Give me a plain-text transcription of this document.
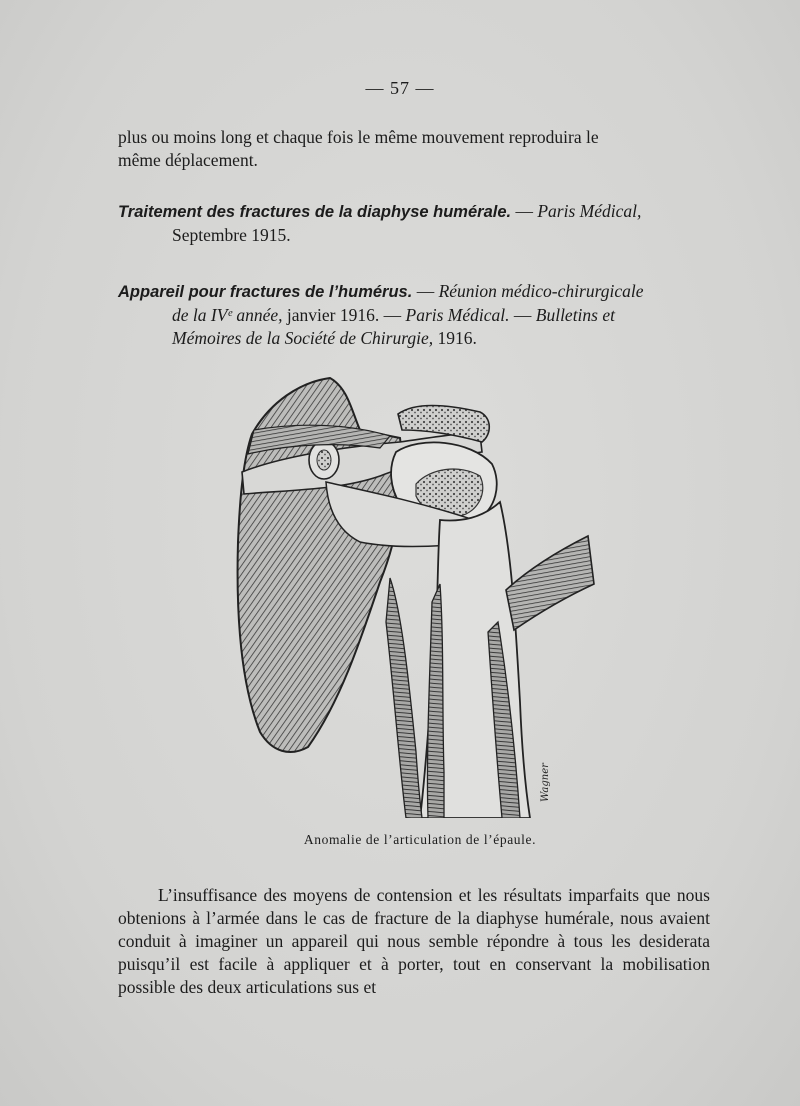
— 57 —
plus ou moins long et chaque fois le même mouvement reproduira le
même déplacement.
Traitement des fractures de la diaphyse humérale. — Paris Médical,
Septembre 1915.
Appareil pour fractures de l’humérus. — Réunion médico-chirurgicale
de la IVᵉ année, janvier 1916. — Paris Médical. — Bulletins et
Mémoires de la Société de Chirurgie, 1916.
Wagner
Anomalie de l’articulation de l’épaule.
L’insuffisance des moyens de contension et les résultats imparfaits que nous obtenions à l’armée dans le cas de fracture de la diaphyse humérale, nous avaient conduit à imaginer un appareil qui nous semble répondre à tous les desiderata puisqu’il est facile à appliquer et à porter, tout en conservant la mobilisation possible des deux articulations sus et
